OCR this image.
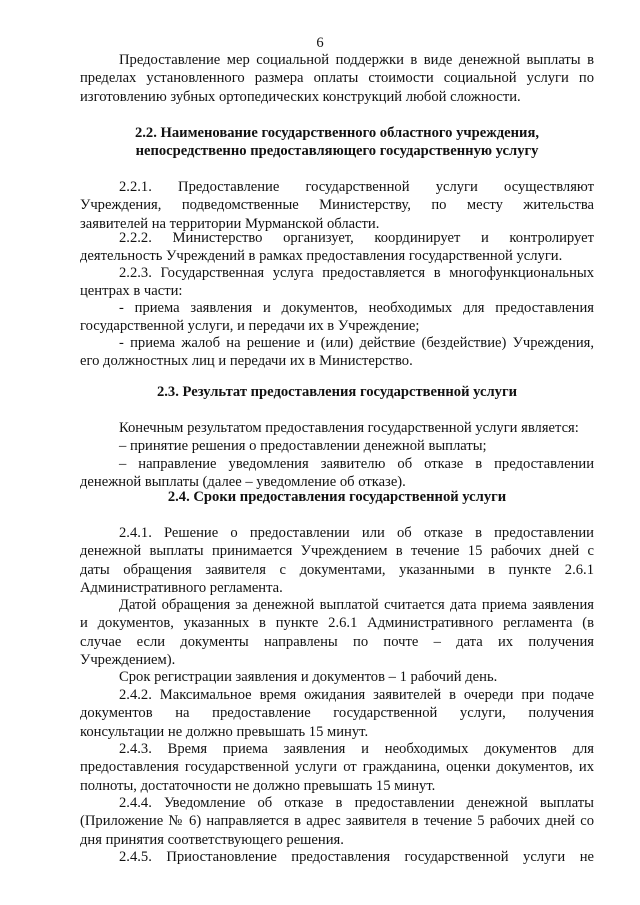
6
Предоставление мер социальной поддержки в виде денежной выплаты в
пределах установленного размера оплаты стоимости социальной услуги по
изготовлению зубных ортопедических конструкций любой сложности.
2.2. Наименование государственного областного учреждения,
непосредственно предоставляющего государственную услугу
2.2.1. Предоставление государственной услуги осуществляют
Учреждения, подведомственные Министерству, по месту жительства
заявителей на территории Мурманской области.
2.2.2. Министерство организует, координирует и контролирует
деятельность Учреждений в рамках предоставления государственной услуги.
2.2.3. Государственная услуга предоставляется в многофункциональных
центрах в части:
- приема заявления и документов, необходимых для предоставления
государственной услуги, и передачи их в Учреждение;
- приема жалоб на решение и (или) действие (бездействие) Учреждения,
его должностных лиц и передачи их в Министерство.
2.3. Результат предоставления государственной услуги
Конечным результатом предоставления государственной услуги является:
– принятие решения о предоставлении денежной выплаты;
– направление уведомления заявителю об отказе в предоставлении
денежной выплаты (далее – уведомление об отказе).
2.4. Сроки предоставления государственной услуги
2.4.1. Решение о предоставлении или об отказе в предоставлении
денежной выплаты принимается Учреждением в течение 15 рабочих дней с
даты обращения заявителя с документами, указанными в пункте 2.6.1
Административного регламента.
Датой обращения за денежной выплатой считается дата приема заявления
и документов, указанных в пункте 2.6.1 Административного регламента (в
случае если документы направлены по почте – дата их получения
Учреждением).
Срок регистрации заявления и документов – 1 рабочий день.
2.4.2. Максимальное время ожидания заявителей в очереди при подаче
документов на предоставление государственной услуги, получения
консультации не должно превышать 15 минут.
2.4.3. Время приема заявления и необходимых документов для
предоставления государственной услуги от гражданина, оценки документов, их
полноты, достаточности не должно превышать 15 минут.
2.4.4. Уведомление об отказе в предоставлении денежной выплаты
(Приложение № 6) направляется в адрес заявителя в течение 5 рабочих дней со
дня принятия соответствующего решения.
2.4.5. Приостановление предоставления государственной услуги не
